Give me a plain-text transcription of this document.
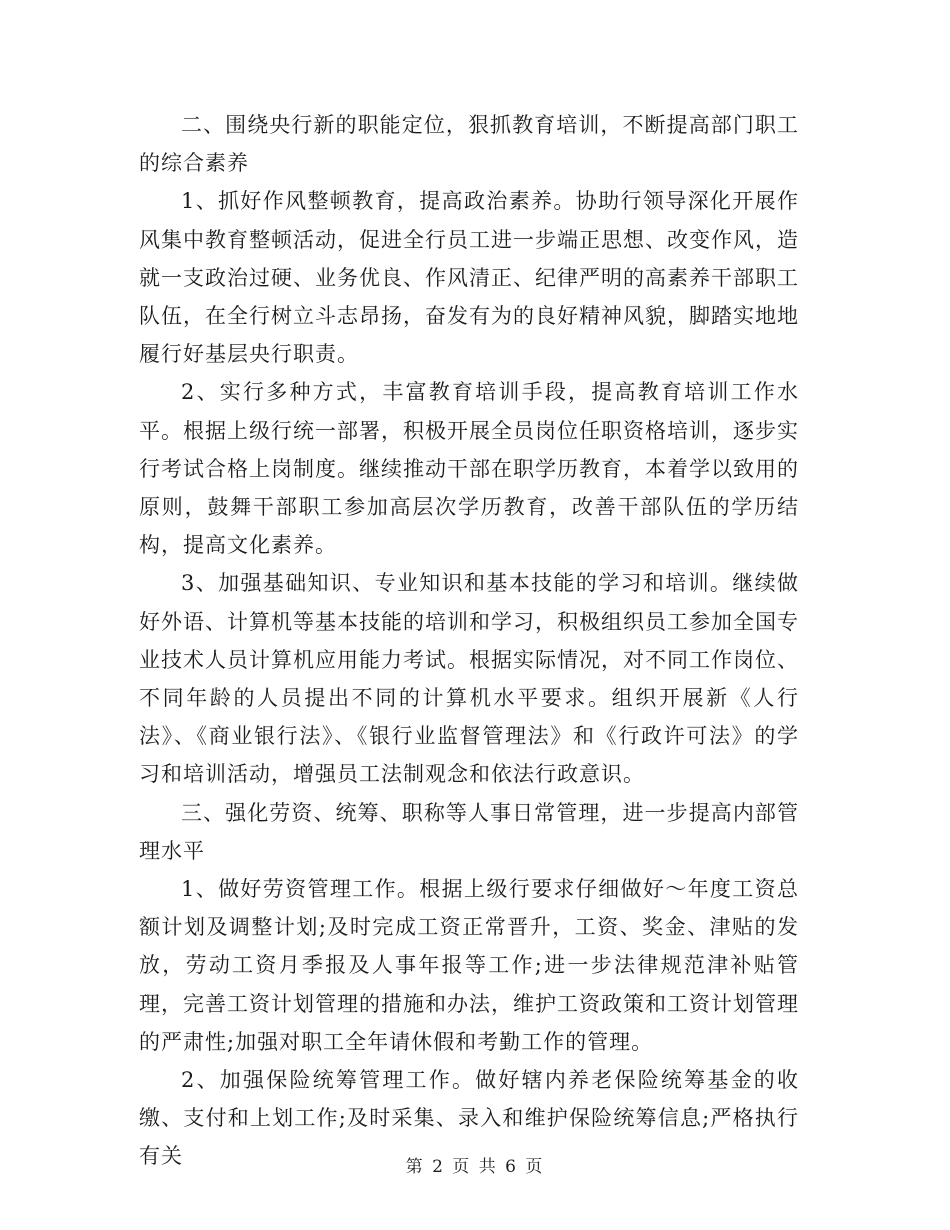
二、围绕央行新的职能定位，狠抓教育培训，不断提高部门职工的综合素养

1、抓好作风整顿教育，提高政治素养。协助行领导深化开展作风集中教育整顿活动，促进全行员工进一步端正思想、改变作风，造就一支政治过硬、业务优良、作风清正、纪律严明的高素养干部职工队伍，在全行树立斗志昂扬，奋发有为的良好精神风貌，脚踏实地地履行好基层央行职责。

2、实行多种方式，丰富教育培训手段，提高教育培训工作水平。根据上级行统一部署，积极开展全员岗位任职资格培训，逐步实行考试合格上岗制度。继续推动干部在职学历教育，本着学以致用的原则，鼓舞干部职工参加高层次学历教育，改善干部队伍的学历结构，提高文化素养。

3、加强基础知识、专业知识和基本技能的学习和培训。继续做好外语、计算机等基本技能的培训和学习，积极组织员工参加全国专业技术人员计算机应用能力考试。根据实际情况，对不同工作岗位、不同年龄的人员提出不同的计算机水平要求。组织开展新《人行法》、《商业银行法》、《银行业监督管理法》和《行政许可法》的学习和培训活动，增强员工法制观念和依法行政意识。

三、强化劳资、统筹、职称等人事日常管理，进一步提高内部管理水平

1、做好劳资管理工作。根据上级行要求仔细做好～年度工资总额计划及调整计划;及时完成工资正常晋升，工资、奖金、津贴的发放，劳动工资月季报及人事年报等工作;进一步法律规范津补贴管理，完善工资计划管理的措施和办法，维护工资政策和工资计划管理的严肃性;加强对职工全年请休假和考勤工作的管理。

2、加强保险统筹管理工作。做好辖内养老保险统筹基金的收缴、支付和上划工作;及时采集、录入和维护保险统筹信息;严格执行有关	第 2 页 共 6 页
